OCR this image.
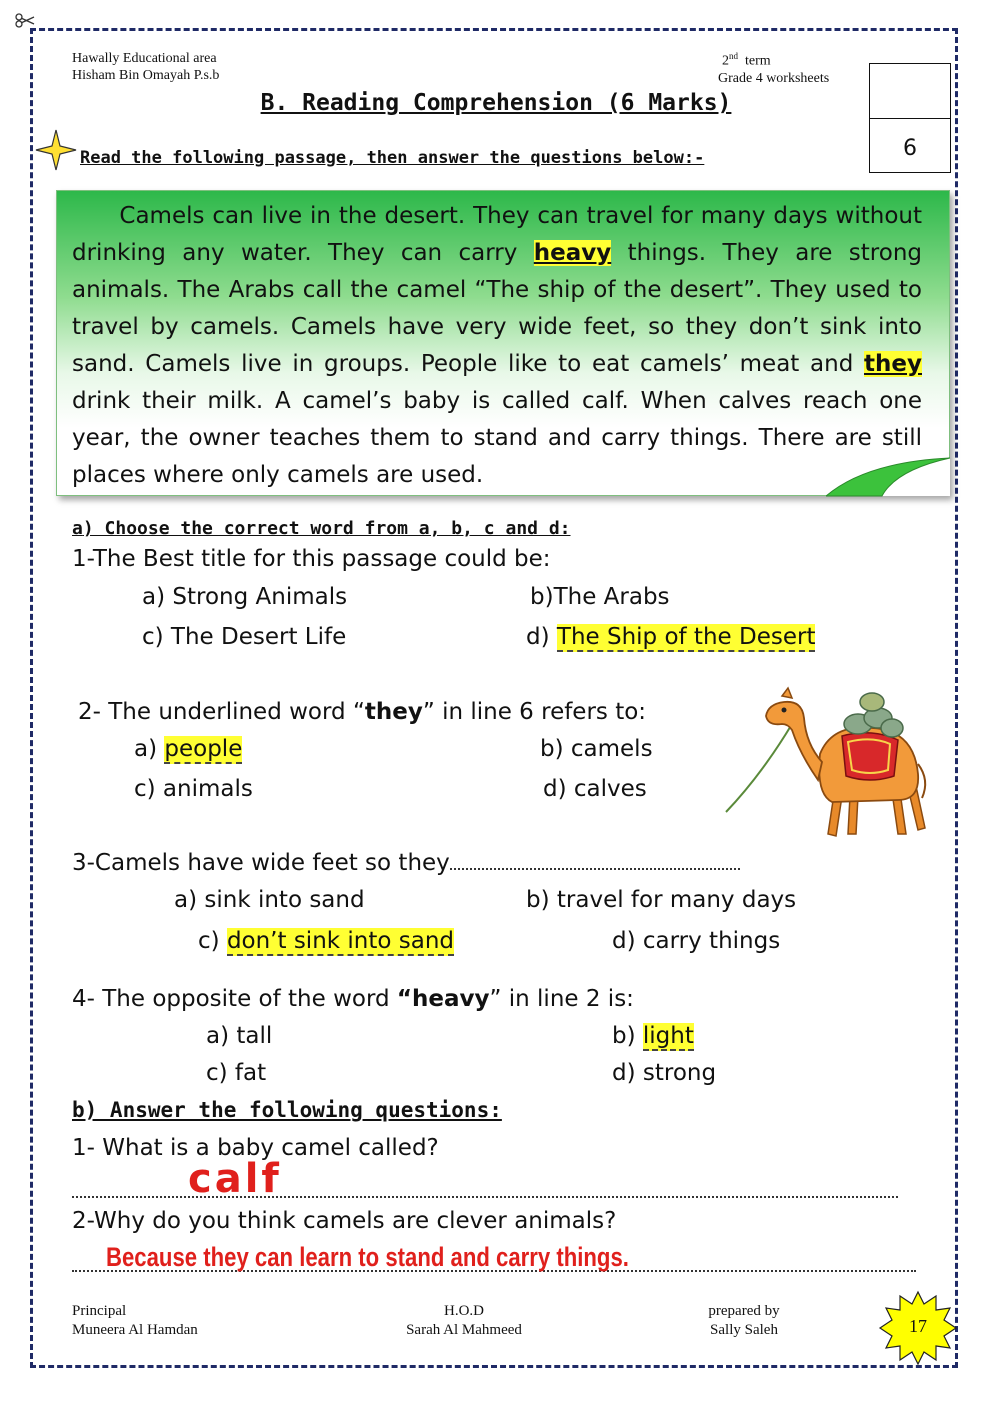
Hawally Educational area
Hisham Bin Omayah P.s.b
2nd term
Grade 4 worksheets
6
B. Reading Comprehension (6 Marks)
Read the following passage, then answer the questions below:-
Camels can live in the desert. They can travel for many days without drinking any water. They can carry heavy things. They are strong animals. The Arabs call the camel “The ship of the desert”. They used to travel by camels. Camels have very wide feet, so they don’t sink into sand. Camels live in groups. People like to eat camels’ meat and they drink their milk. A camel’s baby is called calf. When calves reach one year, the owner teaches them to stand and carry things. There are still places where only camels are used.
a) Choose the correct word from a, b, c and d:
1-The Best title for this passage could be:
a) Strong Animals	b)The Arabs
c) The Desert Life	d) The Ship of the Desert
2- The underlined word “they” in line 6 refers to:
a) people	b) camels
c) animals	d) calves
3-Camels have wide feet so they
a) sink into sand	b) travel for many days
c) don’t sink into sand	d) carry things
4- The opposite of the word “heavy” in line 2 is:
a) tall	b) light
c) fat	d) strong
b) Answer the following questions:
1- What is a baby camel called?
calf
2-Why do you think camels are clever animals?
Because they can learn to stand and carry things.
Principal
Muneera Al Hamdan
H.O.D
Sarah Al Mahmeed
prepared by
Sally Saleh	17
